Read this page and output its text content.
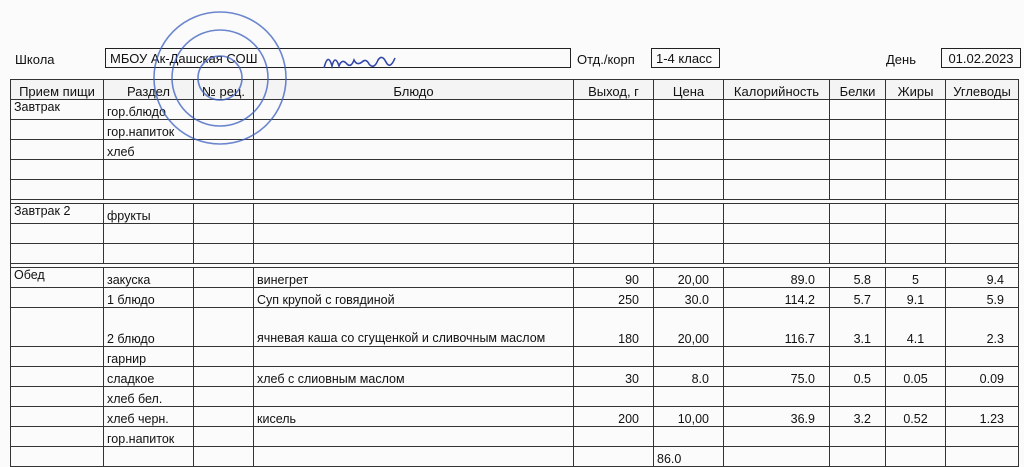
Школа	МБОУ Ак-Дашская СОШ	Отд./корп	1-4 класс	День	01.02.2023
Прием пищи	Раздел	№ рец.	Блюдо	Выход, г	Цена	Калорийность	Белки	Жиры	Углеводы
Завтрак	гор.блюдо								
	гор.напиток								
	хлеб								

Завтрак 2	фрукты								

Обед	закуска		винегрет	90	20,00	89.0	5.8	5	9.4
	1 блюдо		Суп крупой с говядиной	250	30.0	114.2	5.7	9.1	5.9
	2 блюдо		ячневая каша со сгущенкой и сливочным маслом	180	20,00	116.7	3.1	4.1	2.3
	гарнир								
	сладкое		хлеб с слиовным маслом	30	8.0	75.0	0.5	0.05	0.09
	хлеб бел.								
	хлеб черн.		кисель	200	10,00	36.9	3.2	0.52	1.23
	гор.напиток								
					86.0				
